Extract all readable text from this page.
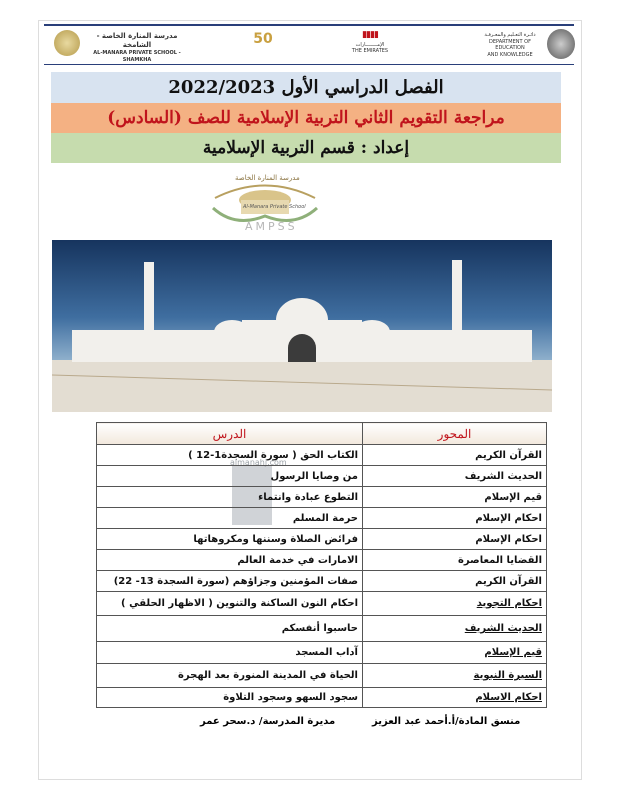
مدرسة المنارة الخاصة - الشامخة
AL-MANARA PRIVATE SCHOOL - SHAMKHA
50	▮▮▮▮
الإمــــــــارات
THE EMIRATES
دائـرة التعـليم والمعـرفـة
DEPARTMENT OF EDUCATION
AND KNOWLEDGE
الفصل الدراسي الأول 2022/2023
مراجعة التقويم الثاني التربية الإسلامية للصف (السادس)
إعداد : قسم التربية الإسلامية
مدرسة المنارة الخاصة
Al-Manara Private School
AMPSS
almanahj.com
المحور	الدرس
القرآن الكريم	الكتاب الحق ( سورة السجدة1-12 )
الحديث الشريف	من وصايا الرسول
قيم الإسلام	التطوع عبادة وانتماء
احكام الإسلام	حرمة المسلم
احكام الإسلام	فرائض الصلاة وسننها ومكروهاتها
القضايا المعاصرة	الامارات في خدمة العالم
القرآن الكريم	صفات المؤمنين وجزاؤهم (سورة السجدة 13- 22)
احكام التجويد	احكام النون الساكنة والتنوين ( الاظهار الحلقي )
الحديث الشريف	حاسبوا أنفسكم
قيم الإسلام	آداب المسجد
السيرة النبوية	الحياة في المدينة المنورة بعد الهجرة
احكام الاسلام	سجود السهو وسجود التلاوة
منسق المادة/أ.أحمد عبد العزيز
مديرة المدرسة/ د.سحر عمر
